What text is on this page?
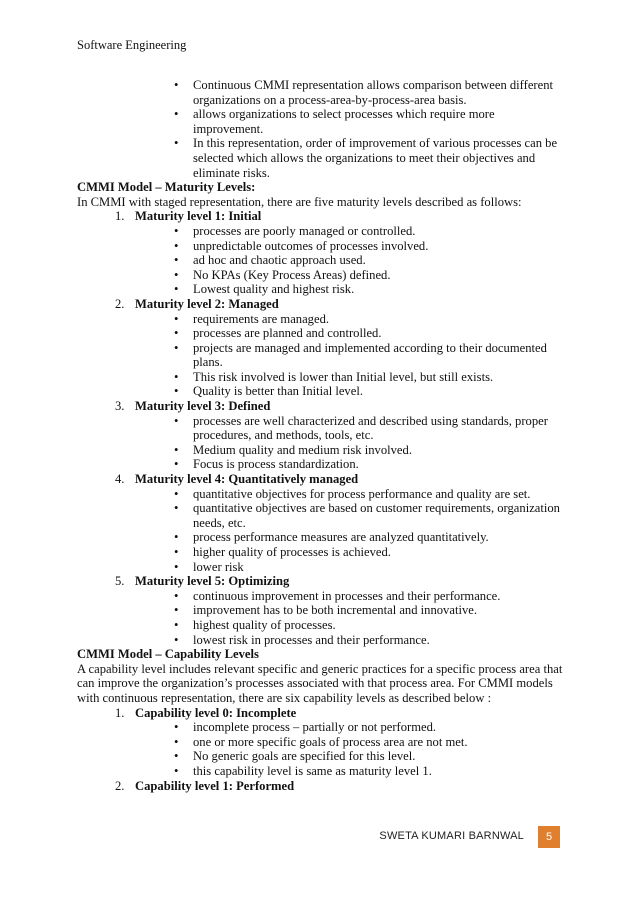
Software Engineering
• Continuous CMMI representation allows comparison between different organizations on a process-area-by-process-area basis.
• allows organizations to select processes which require more improvement.
• In this representation, order of improvement of various processes can be selected which allows the organizations to meet their objectives and eliminate risks.

CMMI Model – Maturity Levels:

In CMMI with staged representation, there are five maturity levels described as follows:

1. Maturity level 1: Initial
• processes are poorly managed or controlled.
• unpredictable outcomes of processes involved.
• ad hoc and chaotic approach used.
• No KPAs (Key Process Areas) defined.
• Lowest quality and highest risk.
2. Maturity level 2: Managed
• requirements are managed.
• processes are planned and controlled.
• projects are managed and implemented according to their documented plans.
• This risk involved is lower than Initial level, but still exists.
• Quality is better than Initial level.
3. Maturity level 3: Defined
• processes are well characterized and described using standards, proper procedures, and methods, tools, etc.
• Medium quality and medium risk involved.
• Focus is process standardization.
4. Maturity level 4: Quantitatively managed
• quantitative objectives for process performance and quality are set.
• quantitative objectives are based on customer requirements, organization needs, etc.
• process performance measures are analyzed quantitatively.
• higher quality of processes is achieved.
• lower risk
5. Maturity level 5: Optimizing
• continuous improvement in processes and their performance.
• improvement has to be both incremental and innovative.
• highest quality of processes.
• lowest risk in processes and their performance.

CMMI Model – Capability Levels

A capability level includes relevant specific and generic practices for a specific process area that can improve the organization’s processes associated with that process area. For CMMI models with continuous representation, there are six capability levels as described below :

1. Capability level 0: Incomplete
• incomplete process – partially or not performed.
• one or more specific goals of process area are not met.
• No generic goals are specified for this level.
• this capability level is same as maturity level 1.
2. Capability level 1: Performed
SWETA KUMARI BARNWAL	5
